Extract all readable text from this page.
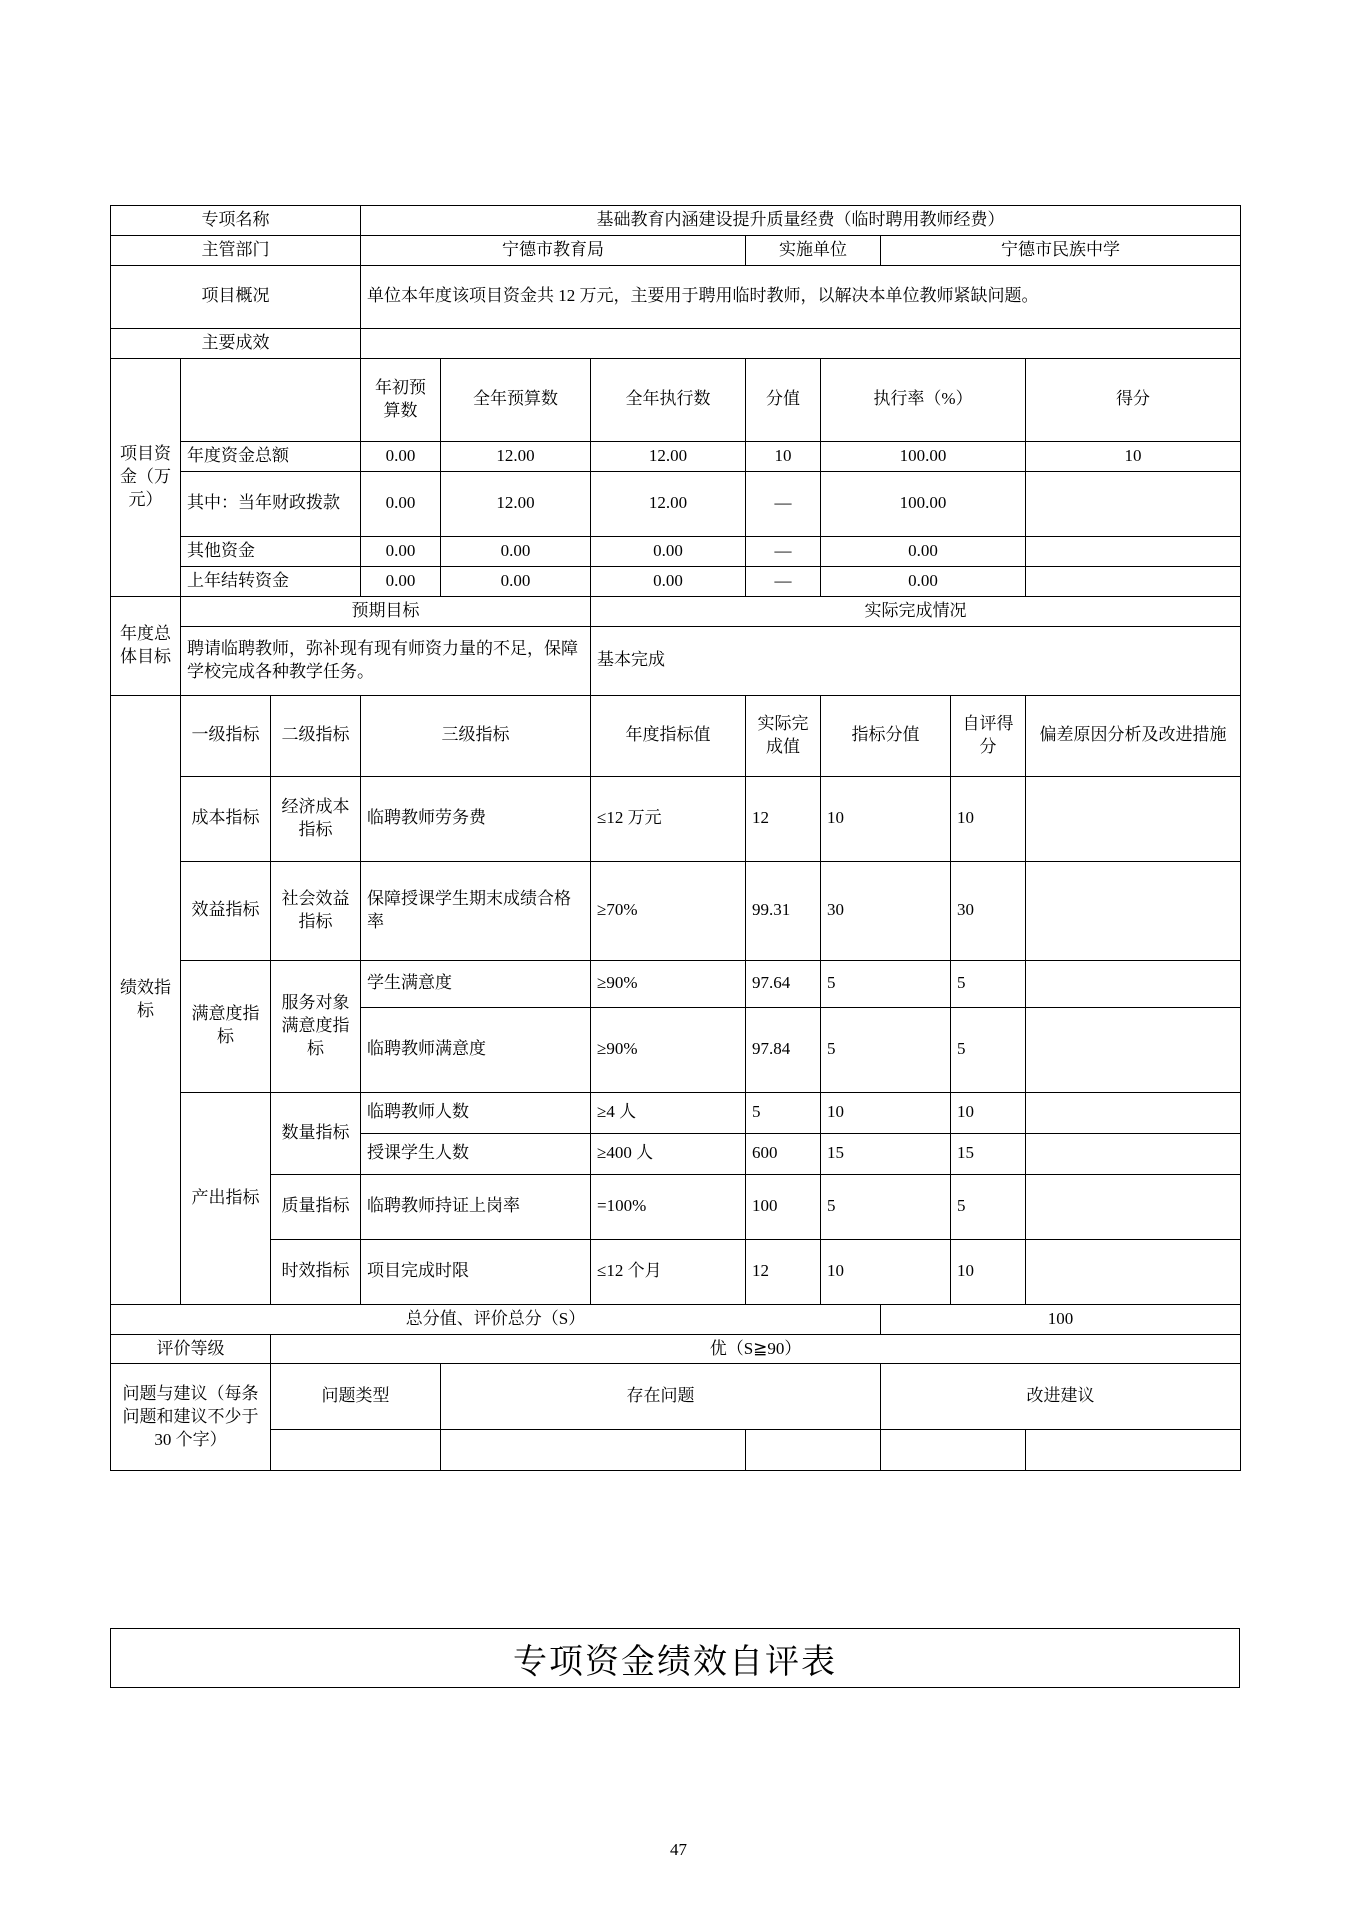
专项名称			基础教育内涵建设提升质量经费（临时聘用教师经费）							
主管部门			宁德市教育局			实施单位		宁德市民族中学		
项目概况			单位本年度该项目资金共 12 万元，主要用于聘用临时教师，以解决本单位教师紧缺问题。							
主要成效										
项目资金（万元）			年初预算数	全年预算数	全年执行数	分值	执行率（%）			得分
	年度资金总额		0.00	12.00	12.00	10	100.00			10
	其中：当年财政拨款		0.00	12.00	12.00	—	100.00			
	其他资金		0.00	0.00	0.00	—	0.00			
	上年结转资金		0.00	0.00	0.00	—	0.00			
年度总体目标	预期目标				实际完成情况					
	聘请临聘教师，弥补现有现有师资力量的不足，保障学校完成各种教学任务。				基本完成					
绩效指标	一级指标	二级指标	三级指标		年度指标值	实际完成值	指标分值		自评得分	偏差原因分析及改进措施
	成本指标	经济成本指标	临聘教师劳务费		≤12 万元	12	10		10	
	效益指标	社会效益指标	保障授课学生期末成绩合格率		≥70%	99.31	30		30	
	满意度指标	服务对象满意度指标	学生满意度		≥90%	97.64	5		5	
			临聘教师满意度		≥90%	97.84	5		5	
	产出指标	数量指标	临聘教师人数		≥4 人	5	10		10	
			授课学生人数		≥400 人	600	15		15	
		质量指标	临聘教师持证上岗率		=100%	100	5		5	
		时效指标	项目完成时限		≤12 个月	12	10		10	
总分值、评价总分（S）								100		
评价等级		优（S≧90）								
问题与建议（每条问题和建议不少于 30 个字）		问题类型		存在问题				改进建议		

专项资金绩效自评表
47
